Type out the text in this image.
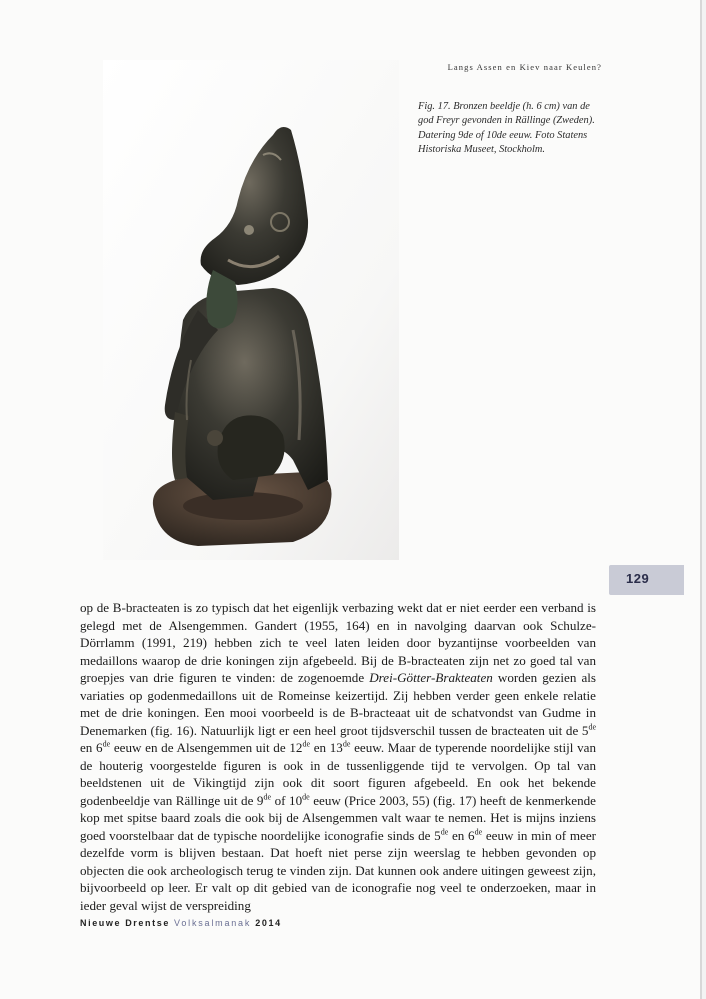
Langs Assen en Kiev naar Keulen?
Fig. 17. Bronzen beeldje (h. 6 cm) van de god Freyr gevonden in Rällinge (Zweden). Datering 9de of 10de eeuw. Foto Statens Historiska Museet, Stockholm.
129

op de B-bracteaten is zo typisch dat het eigenlijk verbazing wekt dat er niet eerder een verband is gelegd met de Alsengemmen. Gandert (1955, 164) en in navolging daarvan ook Schulze-Dörrlamm (1991, 219) hebben zich te veel laten leiden door byzantijnse voorbeelden van medaillons waarop de drie koningen zijn afgebeeld. Bij de B-bracteaten zijn net zo goed tal van groepjes van drie figuren te vinden: de zogenoemde Drei-Götter-Brakteaten worden gezien als variaties op godenmedaillons uit de Romeinse keizertijd. Zij hebben verder geen enkele relatie met de drie koningen. Een mooi voorbeeld is de B-bracteaat uit de schatvondst van Gudme in Denemarken (fig. 16). Natuurlijk ligt er een heel groot tijdsverschil tussen de bracteaten uit de 5de en 6de eeuw en de Alsengemmen uit de 12de en 13de eeuw. Maar de typerende noordelijke stijl van de houterig voorgestelde figuren is ook in de tussenliggende tijd te vervolgen. Op tal van beeldstenen uit de Vikingtijd zijn ook dit soort figuren afgebeeld. En ook het bekende godenbeeldje van Rällinge uit de 9de of 10de eeuw (Price 2003, 55) (fig. 17) heeft de kenmerkende kop met spitse baard zoals die ook bij de Alsengemmen valt waar te nemen. Het is mijns inziens goed voorstelbaar dat de typische noordelijke iconografie sinds de 5de en 6de eeuw in min of meer dezelfde vorm is blijven bestaan. Dat hoeft niet perse zijn weerslag te hebben gevonden op objecten die ook archeologisch terug te vinden zijn. Dat kunnen ook andere uitingen geweest zijn, bijvoorbeeld op leer. Er valt op dit gebied van de iconografie nog veel te onderzoeken, maar in ieder geval wijst de verspreiding

Nieuwe Drentse Volksalmanak 2014
